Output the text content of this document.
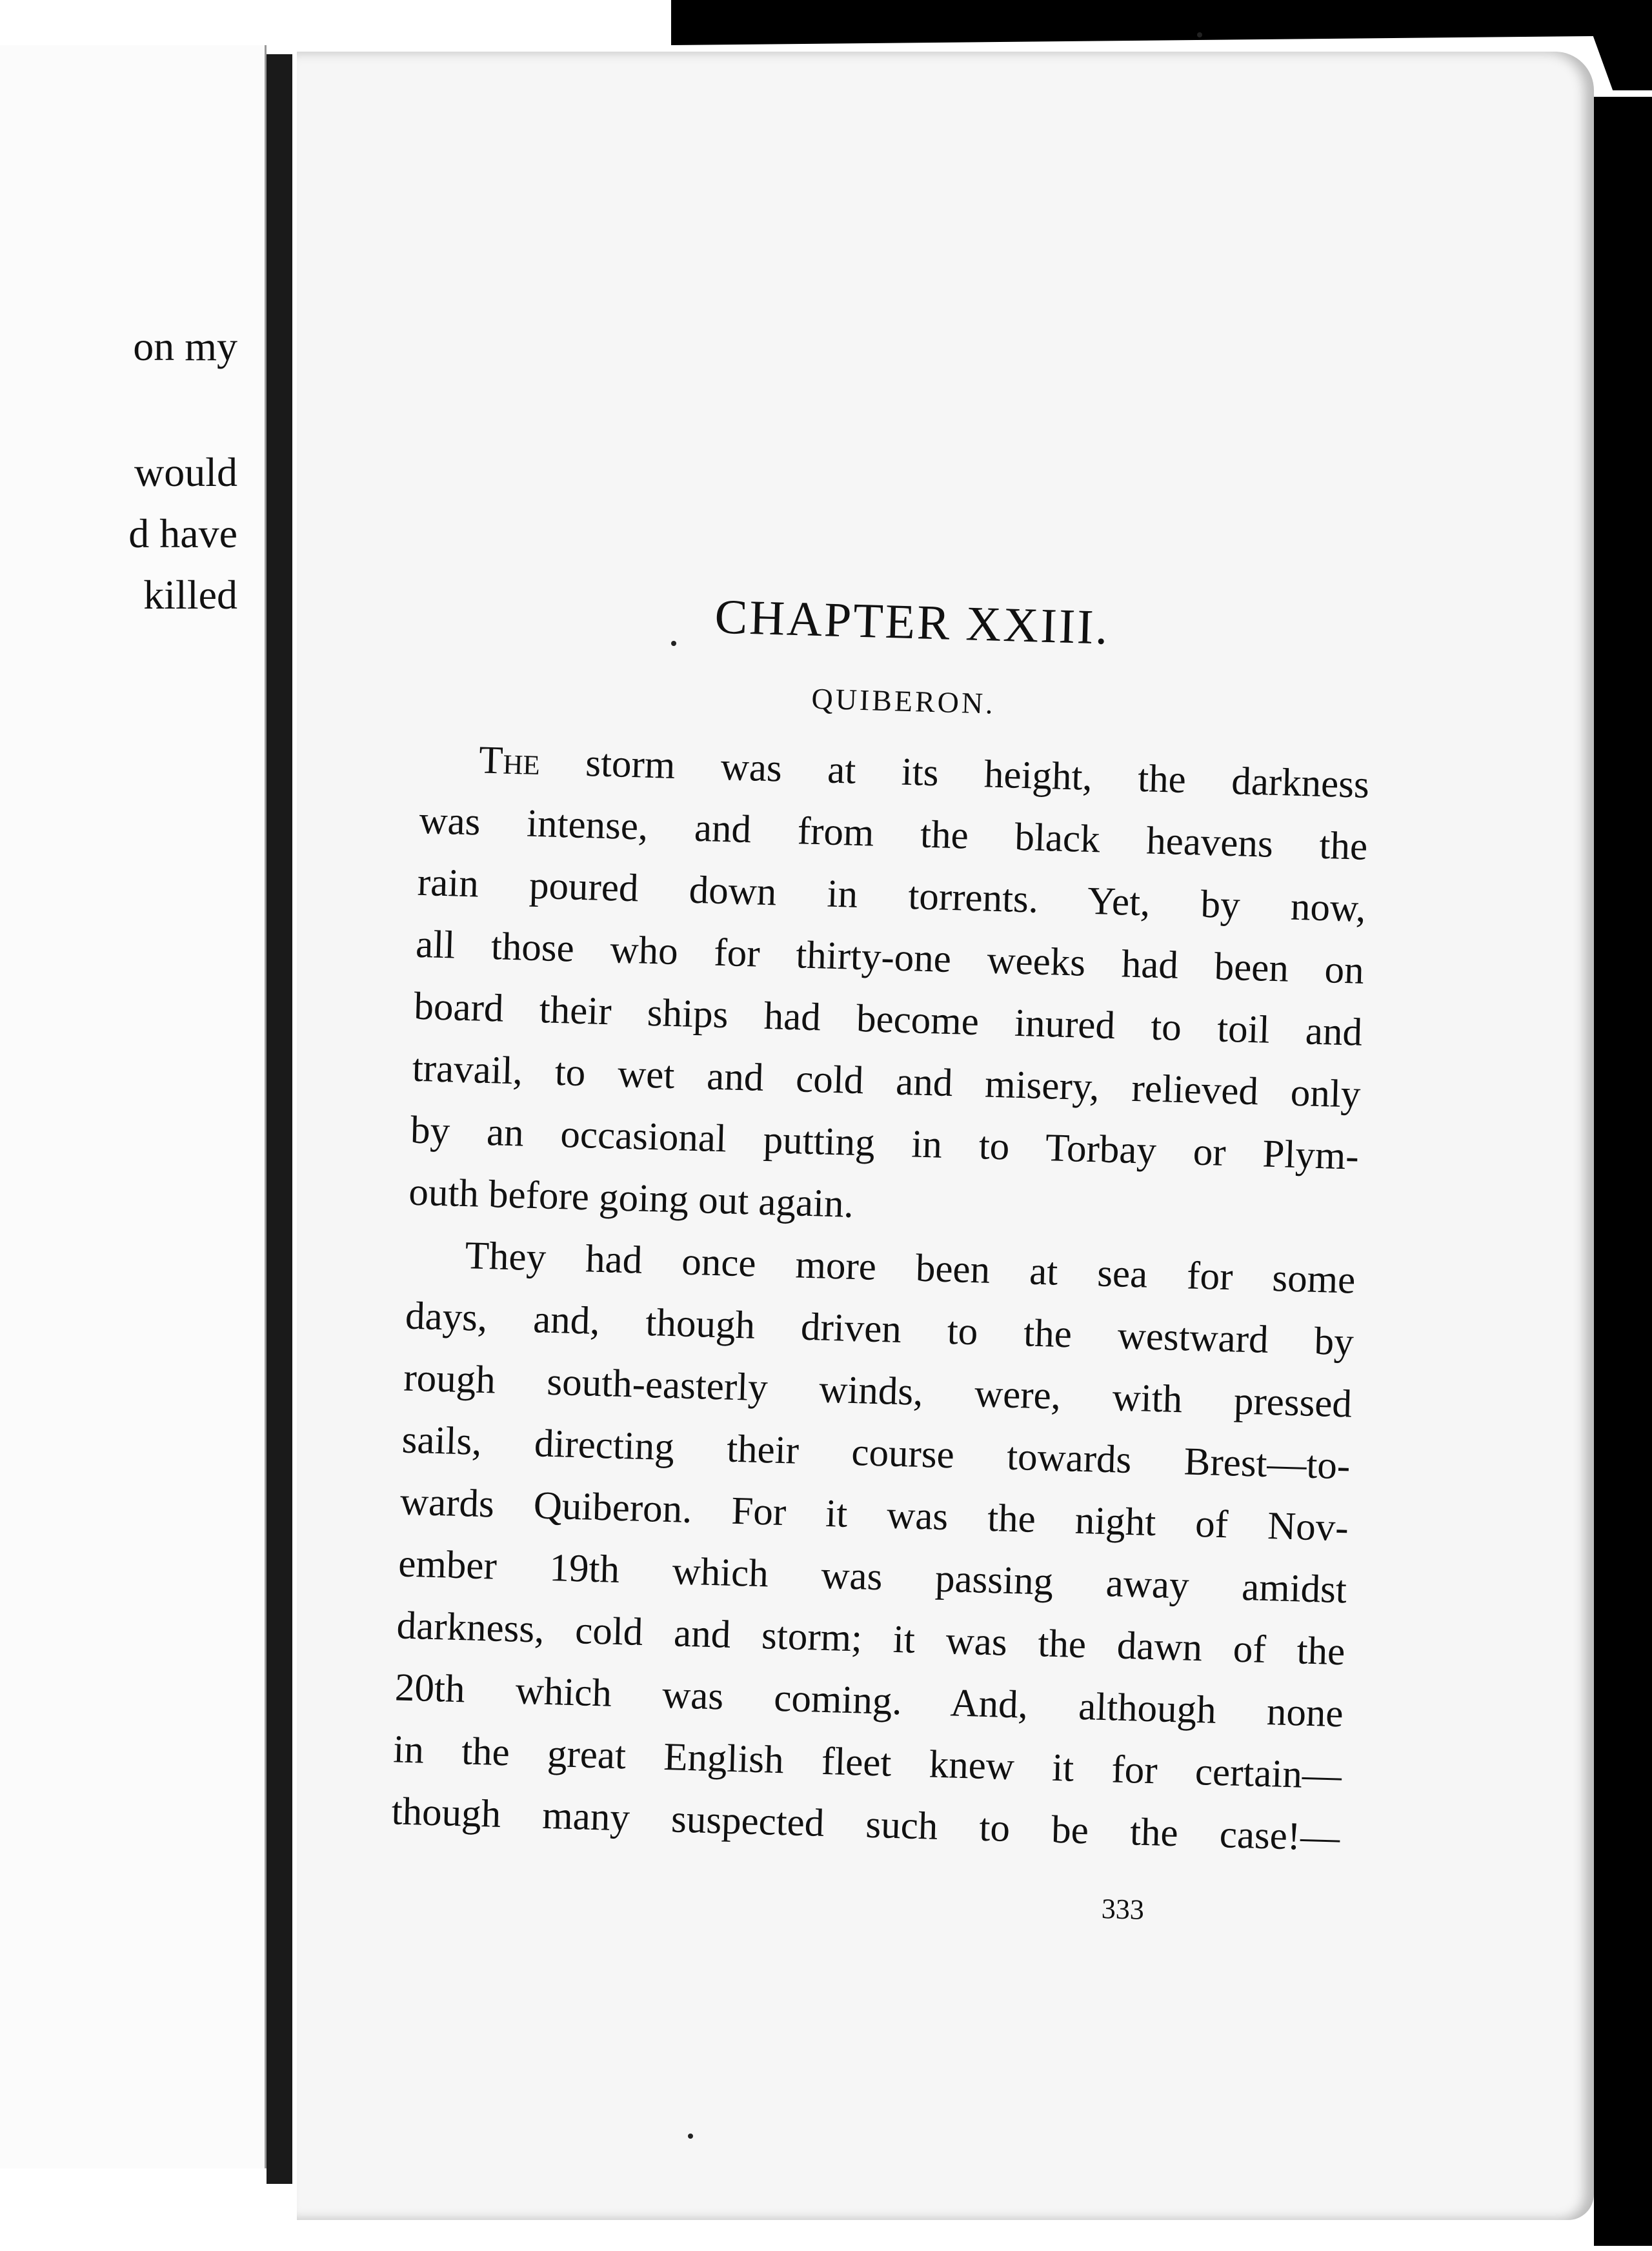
on my
would
d have
killed	CHAPTER XXIII.
QUIBERON.
The storm was at its height, the darkness
was intense, and from the black heavens the
rain poured down in torrents. Yet, by now,
all those who for thirty-one weeks had been on
board their ships had become inured to toil and
travail, to wet and cold and misery, relieved only
by an occasional putting in to Torbay or Plym-
outh before going out again.
They had once more been at sea for some
days, and, though driven to the westward by
rough south-easterly winds, were, with pressed
sails, directing their course towards Brest—to-
wards Quiberon. For it was the night of Nov-
ember 19th which was passing away amidst
darkness, cold and storm; it was the dawn of the
20th which was coming. And, although none
in the great English fleet knew it for certain—
though many suspected such to be the case!—
333
